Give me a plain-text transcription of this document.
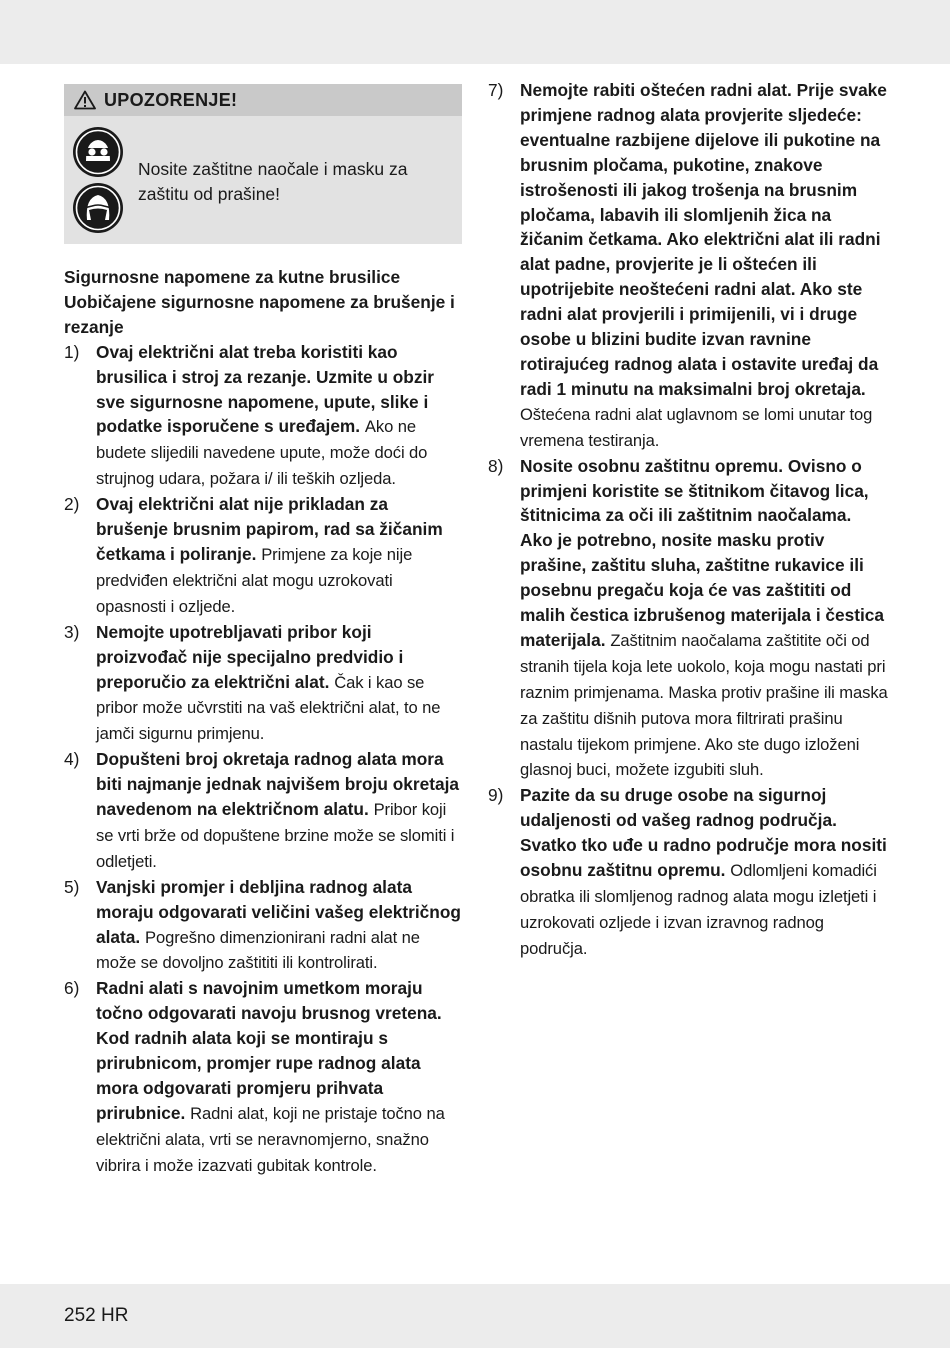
UPOZORENJE!
Nosite zaštitne naočale i masku za zaštitu od prašine!
Sigurnosne napomene za kutne brusilice
Uobičajene sigurnosne napomene za brušenje i rezanje
1) Ovaj električni alat treba koristiti kao brusilica i stroj za rezanje. Uzmite u obzir sve sigurnosne napomene, upute, slike i podatke isporučene s uređajem. Ako ne budete slijedili navedene upute, može doći do strujnog udara, požara i/ ili teških ozljeda.
2) Ovaj električni alat nije prikladan za brušenje brusnim papirom, rad sa žičanim četkama i poliranje. Primjene za koje nije predviđen električni alat mogu uzrokovati opasnosti i ozljede.
3) Nemojte upotrebljavati pribor koji proizvođač nije specijalno predvidio i preporučio za električni alat. Čak i kao se pribor može učvrstiti na vaš električni alat, to ne jamči sigurnu primjenu.
4) Dopušteni broj okretaja radnog alata mora biti najmanje jednak najvišem broju okretaja navedenom na električnom alatu. Pribor koji se vrti brže od dopuštene brzine može se slomiti i odletjeti.
5) Vanjski promjer i debljina radnog alata moraju odgovarati veličini vašeg električnog alata. Pogrešno dimenzionirani radni alat ne može se dovoljno zaštititi ili kontrolirati.
6) Radni alati s navojnim umetkom moraju točno odgovarati navoju brusnog vretena. Kod radnih alata koji se montiraju s prirubnicom, promjer rupe radnog alata mora odgovarati promjeru prihvata prirubnice. Radni alat, koji ne pristaje točno na električni alata, vrti se neravnomjerno, snažno vibrira i može izazvati gubitak kontrole.
7) Nemojte rabiti oštećen radni alat. Prije svake primjene radnog alata provjerite sljedeće: eventualne razbijene dijelove ili pukotine na brusnim pločama, pukotine, znakove istrošenosti ili jakog trošenja na brusnim pločama, labavih ili slomljenih žica na žičanim četkama. Ako električni alat ili radni alat padne, provjerite je li oštećen ili upotrijebite neoštećeni radni alat. Ako ste radni alat provjerili i primijenili, vi i druge osobe u blizini budite izvan ravnine rotirajućeg radnog alata i ostavite uređaj da radi 1 minutu na maksimalni broj okretaja. Oštećena radni alat uglavnom se lomi unutar tog vremena testiranja.
8) Nosite osobnu zaštitnu opremu. Ovisno o primjeni koristite se štitnikom čitavog lica, štitnicima za oči ili zaštitnim naočalama. Ako je potrebno, nosite masku protiv prašine, zaštitu sluha, zaštitne rukavice ili posebnu pregaču koja će vas zaštititi od malih čestica izbrušenog materijala i čestica materijala. Zaštitnim naočalama zaštitite oči od stranih tijela koja lete uokolo, koja mogu nastati pri raznim primjenama. Maska protiv prašine ili maska za zaštitu dišnih putova mora filtrirati prašinu nastalu tijekom primjene. Ako ste dugo izloženi glasnoj buci, možete izgubiti sluh.
9) Pazite da su druge osobe na sigurnoj udaljenosti od vašeg radnog područja. Svatko tko uđe u radno područje mora nositi osobnu zaštitnu opremu. Odlomljeni komadići obratka ili slomljenog radnog alata mogu izletjeti i uzrokovati ozljede i izvan izravnog radnog područja.
252 HR
